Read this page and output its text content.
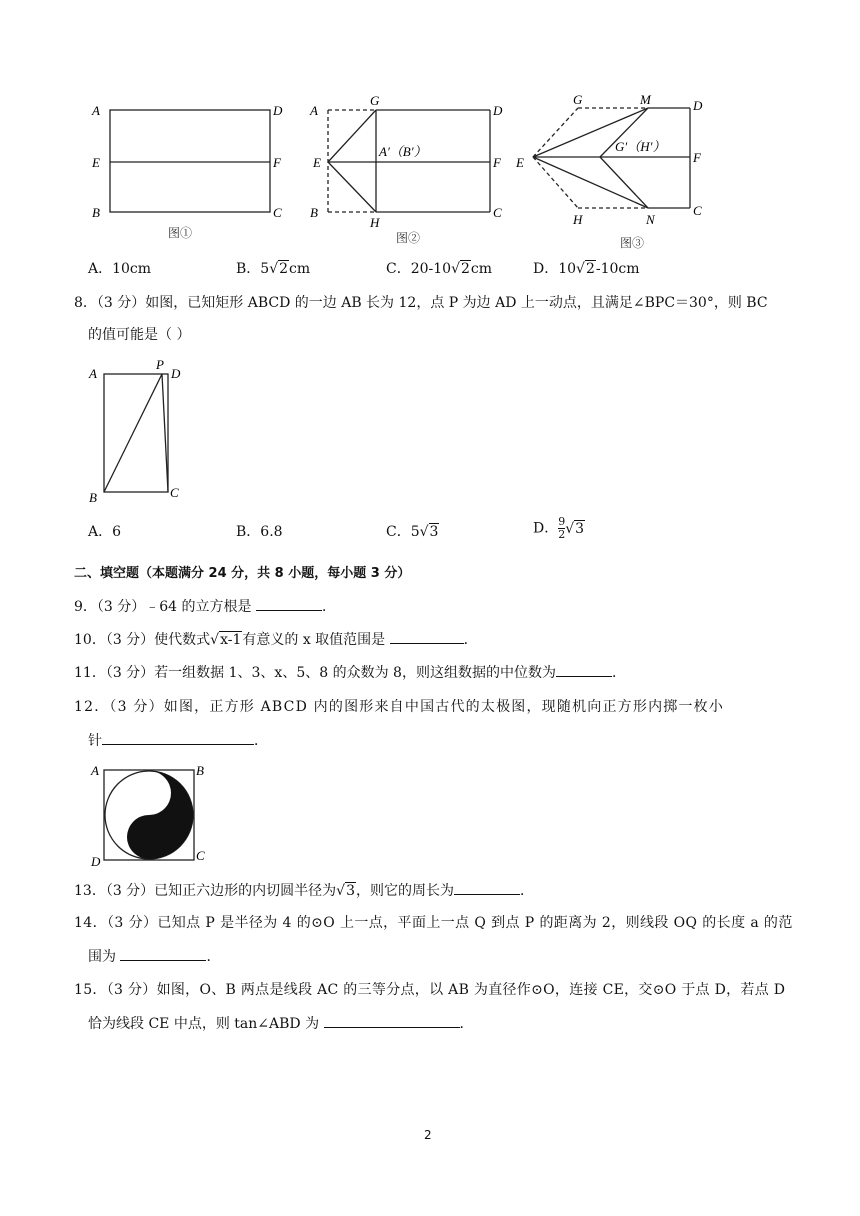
A	D
E	F
B	C
图①
A
G
D
E
A′（B′）
F
B
H
C
图②
G	M	D
E
G′（H′）
F
H	N
C
图③
A．10cm	B．5√2cm	C．20-10√2cm	D．10√2-10cm
8．（3 分）如图，已知矩形 ABCD 的一边 AB 长为 12，点 P 为边 AD 上一动点，且满足∠BPC＝30°，则 BC
的值可能是（ ）
A
P
D
B	C
A．6	B．6.8	C．5√3	D． $\frac{9}{2} √3$
二、填空题（本题满分 24 分，共 8 小题，每小题 3 分）
9．（3 分）﹣64 的立方根是	．
10．（3 分）使代数式√x-1有意义的 x 取值范围是	．
11．（3 分）若一组数据 1、3、x、5、8 的众数为 8，则这组数据的中位数为	．
12．（3 分）如图，正方形 ABCD 内的图形来自中国古代的太极图，现随机向正方形内掷一枚小
针	．
A	B
D	C
13．（3 分）已知正六边形的内切圆半径为√3，则它的周长为	．
14．（3 分）已知点 P 是半径为 4 的⊙O 上一点，平面上一点 Q 到点 P 的距离为 2，则线段 OQ 的长度 a 的范
围为	．
15．（3 分）如图，O、B 两点是线段 AC 的三等分点，以 AB 为直径作⊙O，连接 CE，交⊙O 于点 D，若点 D
恰为线段 CE 中点，则 tan∠ABD 为	．
2
